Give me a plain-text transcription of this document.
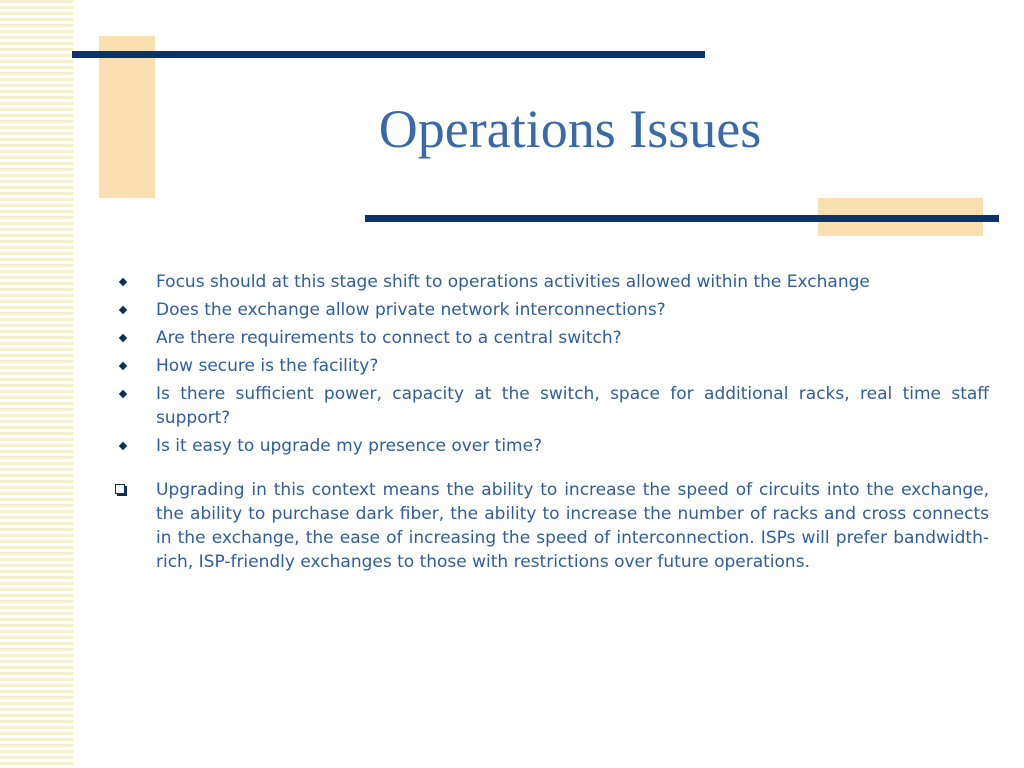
Operations Issues
Focus should at this stage shift to operations activities allowed within the Exchange
Does the exchange allow private network interconnections?
Are there requirements to connect to a central switch?
How secure is the facility?
Is there sufficient power, capacity at the switch, space for additional racks, real time staff support?
Is it easy to upgrade my presence over time?
Upgrading in this context means the ability to increase the speed of circuits into the exchange, the ability to purchase dark fiber, the ability to increase the number of racks and cross connects in the exchange, the ease of increasing the speed of interconnection. ISPs will prefer bandwidth-rich, ISP-friendly exchanges to those with restrictions over future operations.
